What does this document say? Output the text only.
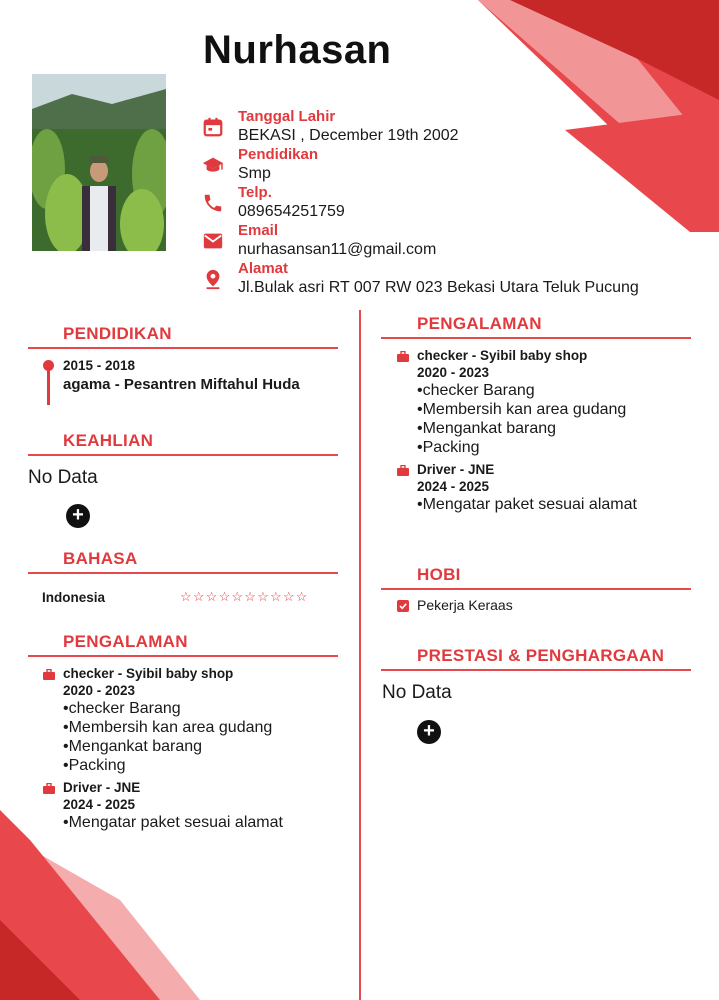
Nurhasan
Tanggal Lahir
BEKASI , December 19th 2002
Pendidikan
Smp
Telp.
089654251759
Email
nurhasansan11@gmail.com
Alamat
Jl.Bulak asri RT 007 RW 023 Bekasi Utara Teluk Pucung
PENDIDIKAN
2015 - 2018
agama - Pesantren Miftahul Huda
KEAHLIAN
No Data
+
BAHASA
Indonesia	☆☆☆☆☆☆☆☆☆☆
PENGALAMAN
checker - Syibil baby shop
2020 - 2023
•checker Barang
•Membersih kan area gudang
•Mengankat barang
•Packing
Driver - JNE
2024 - 2025
•Mengatar paket sesuai alamat
PENGALAMAN
checker - Syibil baby shop
2020 - 2023
•checker Barang
•Membersih kan area gudang
•Mengankat barang
•Packing
Driver - JNE
2024 - 2025
•Mengatar paket sesuai alamat
HOBI
Pekerja Keraas
PRESTASI & PENGHARGAAN
No Data
+
